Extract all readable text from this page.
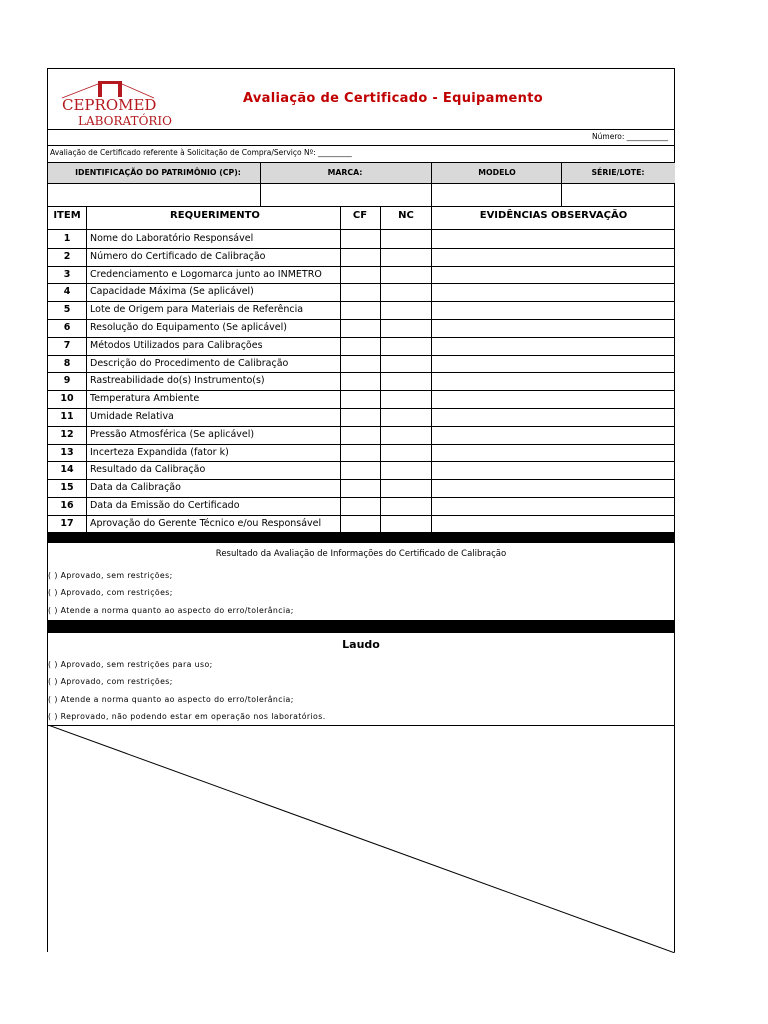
CEPROMED
LABORATÓRIO
Avaliação de Certificado - Equipamento
Número: ___________
Avaliação de Certificado referente à Solicitação de Compra/Serviço Nº: _________
IDENTIFICAÇÃO DO PATRIMÔNIO (CP):	MARCA:	MODELO	SÉRIE/LOTE:
ITEM	REQUERIMENTO	CF	NC	EVIDÊNCIAS OBSERVAÇÃO
1	Nome do Laboratório Responsável
2	Número do Certificado de Calibração
3	Credenciamento e Logomarca junto ao INMETRO
4	Capacidade Máxima (Se aplicável)
5	Lote de Origem para Materiais de Referência
6	Resolução do Equipamento (Se aplicável)
7	Métodos Utilizados para Calibrações
8	Descrição do Procedimento de Calibração
9	Rastreabilidade do(s) Instrumento(s)
10	Temperatura Ambiente
11	Umidade Relativa
12	Pressão Atmosférica (Se aplicável)
13	Incerteza Expandida (fator k)
14	Resultado da Calibração
15	Data da Calibração
16	Data da Emissão do Certificado
17	Aprovação do Gerente Técnico e/ou Responsável
Resultado da Avaliação de Informações do Certificado de Calibração
( ) Aprovado, sem restrições;
( ) Aprovado, com restrições;
( ) Atende a norma quanto ao aspecto do erro/tolerância;
Laudo
( ) Aprovado, sem restrições para uso;
( ) Aprovado, com restrições;
( ) Atende a norma quanto ao aspecto do erro/tolerância;
( ) Reprovado, não podendo estar em operação nos laboratórios.
